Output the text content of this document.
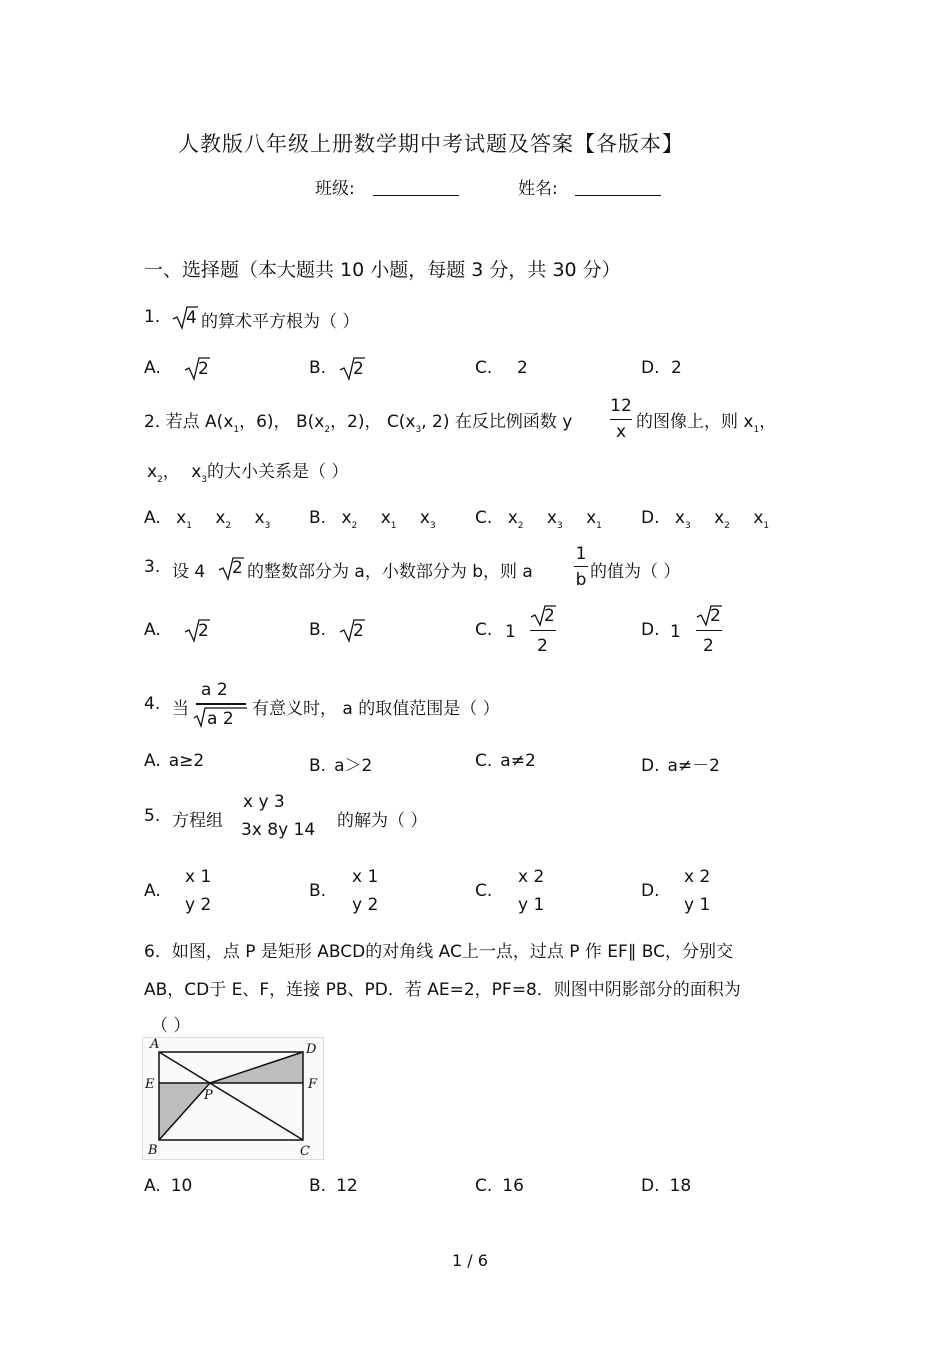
人教版八年级上册数学期中考试题及答案【各版本】
班级:	姓名:
一、选择题（本大题共 10 小题，每题 3 分，共 30 分）
1. 4 的算术平方根为（ ）
A. 2	B. 2	C. 2	D. 2
2. 若点 $A(x_1$，6)， $B(x_2$，2)， $C(x_3$, 2) 在反比例函数 y
12
x 的图像上，则 $x_1$，
$x_2$， $x_3$的大小关系是（ ）
A. $x_1$ $x_2$ $x_3$ B. $x_2$ $x_1$ $x_3$ C. $x_2$ $x_3$ $x_1$ D. $x_3$ $x_2$ $x_1$
3. 设 4 2 的整数部分为 a，小数部分为 b，则 a
1
b 的值为（ ）
A. 2	B. 2	C. 1
2
2
D. 1
2
2
4. 当
a 2
a 2 有意义时， a 的取值范围是（ ）
A. a≥2	B. a＞2	C. a≠2	D. a≠－2
5. 方程组
x y 3
3x 8y 14 的解为（ ）
A.
x 1
y 2
B.
x 1
y 2
C.
x 2
y 1
D.
x 2
y 1
6．如图，点 P 是矩形 ABCD的对角线 AC上一点，过点 P 作 EF∥ BC，分别交
AB，CD于 E、F，连接 PB、PD．若 AE=2，PF=8．则图中阴影部分的面积为
（ ）
A	D
E	F
P
B	C
A. 10	B. 12	C. 16	D. 18
1 / 6
